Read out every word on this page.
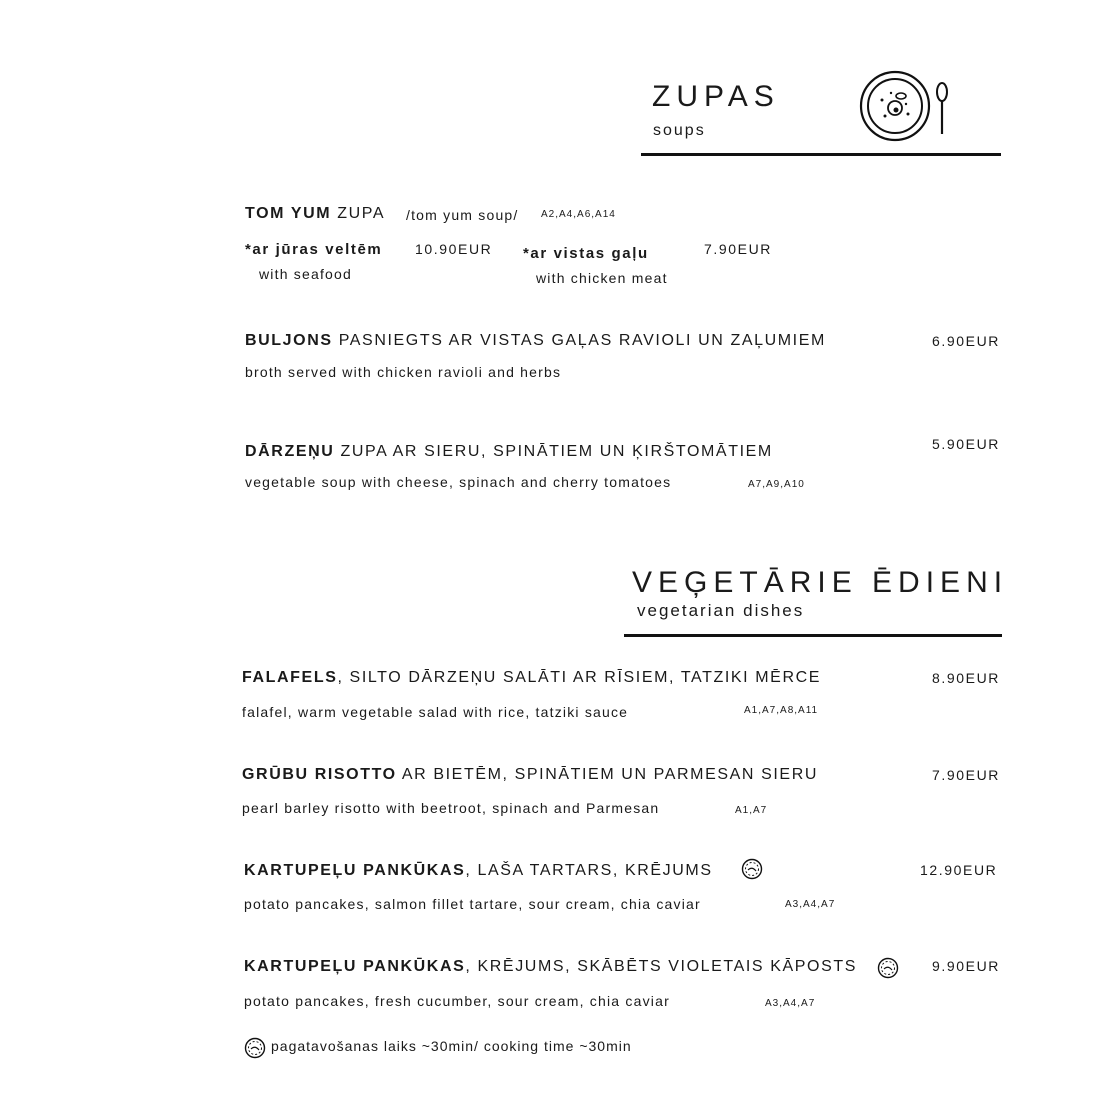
ZUPAS
soups
TOM YUM ZUPA /tom yum soup/ A2,A4,A6,A14
*ar jūras veltēm 10.90EUR
with seafood
*ar vistas gaļu	7.90EUR
with chicken meat
BULJONS PASNIEGTS AR VISTAS GAĻAS RAVIOLI UN ZAĻUMIEM	6.90EUR
broth served with chicken ravioli and herbs
DĀRZEŅU ZUPA AR SIERU, SPINĀTIEM UN ĶIRŠTOMĀTIEM	5.90EUR
vegetable soup with cheese, spinach and cherry tomatoes	A7,A9,A10
VEĢETĀRIE ĒDIENI
vegetarian dishes
FALAFELS, SILTO DĀRZEŅU SALĀTI AR RĪSIEM, TATZIKI MĒRCE	8.90EUR
falafel, warm vegetable salad with rice, tatziki sauce	A1,A7,A8,A11
GRŪBU RISOTTO AR BIETĒM, SPINĀTIEM UN PARMESAN SIERU	7.90EUR
pearl barley risotto with beetroot, spinach and Parmesan	A1,A7
KARTUPEĻU PANKŪKAS, LAŠA TARTARS, KRĒJUMS	12.90EUR
potato pancakes, salmon fillet tartare, sour cream, chia caviar	A3,A4,A7
KARTUPEĻU PANKŪKAS, KRĒJUMS, SKĀBĒTS VIOLETAIS KĀPOSTS	9.90EUR
potato pancakes, fresh cucumber, sour cream, chia caviar	A3,A4,A7
pagatavošanas laiks ~30min/ cooking time ~30min
